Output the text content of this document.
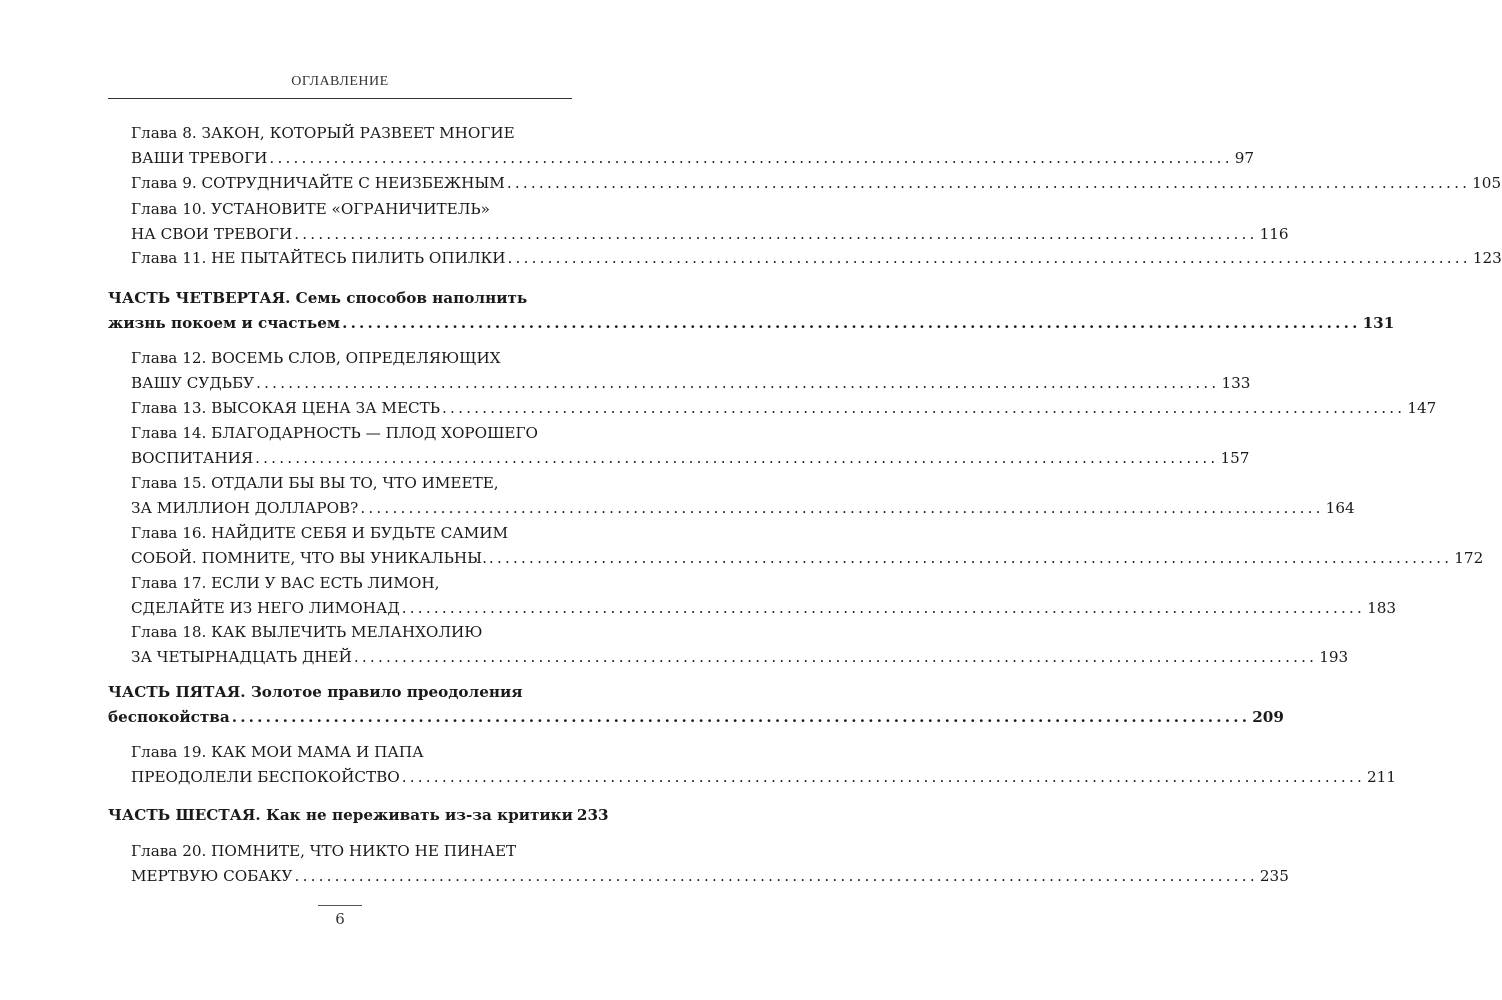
ОГЛАВЛЕНИЕ
Глава 8. ЗАКОН, КОТОРЫЙ РАЗВЕЕТ МНОГИЕ
ВАШИ ТРЕВОГИ ........................................................................................................................ 97
Глава 9. СОТРУДНИЧАЙТЕ С НЕИЗБЕЖНЫМ ........................................................................................................................ 105
Глава 10. УСТАНОВИТЕ «ОГРАНИЧИТЕЛЬ»
НА СВОИ ТРЕВОГИ ........................................................................................................................ 116
Глава 11. НЕ ПЫТАЙТЕСЬ ПИЛИТЬ ОПИЛКИ ........................................................................................................................ 123
ЧАСТЬ ЧЕТВЕРТАЯ. Семь способов наполнить
жизнь покоем и счастьем ........................................................................................................................ 131
Глава 12. ВОСЕМЬ СЛОВ, ОПРЕДЕЛЯЮЩИХ
ВАШУ СУДЬБУ ........................................................................................................................ 133
Глава 13. ВЫСОКАЯ ЦЕНА ЗА МЕСТЬ ........................................................................................................................ 147
Глава 14. БЛАГОДАРНОСТЬ — ПЛОД ХОРОШЕГО
ВОСПИТАНИЯ ........................................................................................................................ 157
Глава 15. ОТДАЛИ БЫ ВЫ ТО, ЧТО ИМЕЕТЕ,
ЗА МИЛЛИОН ДОЛЛАРОВ? ........................................................................................................................ 164
Глава 16. НАЙДИТЕ СЕБЯ И БУДЬТЕ САМИМ
СОБОЙ. ПОМНИТЕ, ЧТО ВЫ УНИКАЛЬНЫ. ........................................................................................................................ 172
Глава 17. ЕСЛИ У ВАС ЕСТЬ ЛИМОН,
СДЕЛАЙТЕ ИЗ НЕГО ЛИМОНАД ........................................................................................................................ 183
Глава 18. КАК ВЫЛЕЧИТЬ МЕЛАНХОЛИЮ
ЗА ЧЕТЫРНАДЦАТЬ ДНЕЙ ........................................................................................................................ 193
ЧАСТЬ ПЯТАЯ. Золотое правило преодоления
беспокойства ........................................................................................................................ 209
Глава 19. КАК МОИ МАМА И ПАПА
ПРЕОДОЛЕЛИ БЕСПОКОЙСТВО ........................................................................................................................ 211
ЧАСТЬ ШЕСТАЯ. Как не переживать из-за критики 233
Глава 20. ПОМНИТЕ, ЧТО НИКТО НЕ ПИНАЕТ
МЕРТВУЮ СОБАКУ ........................................................................................................................ 235
6
